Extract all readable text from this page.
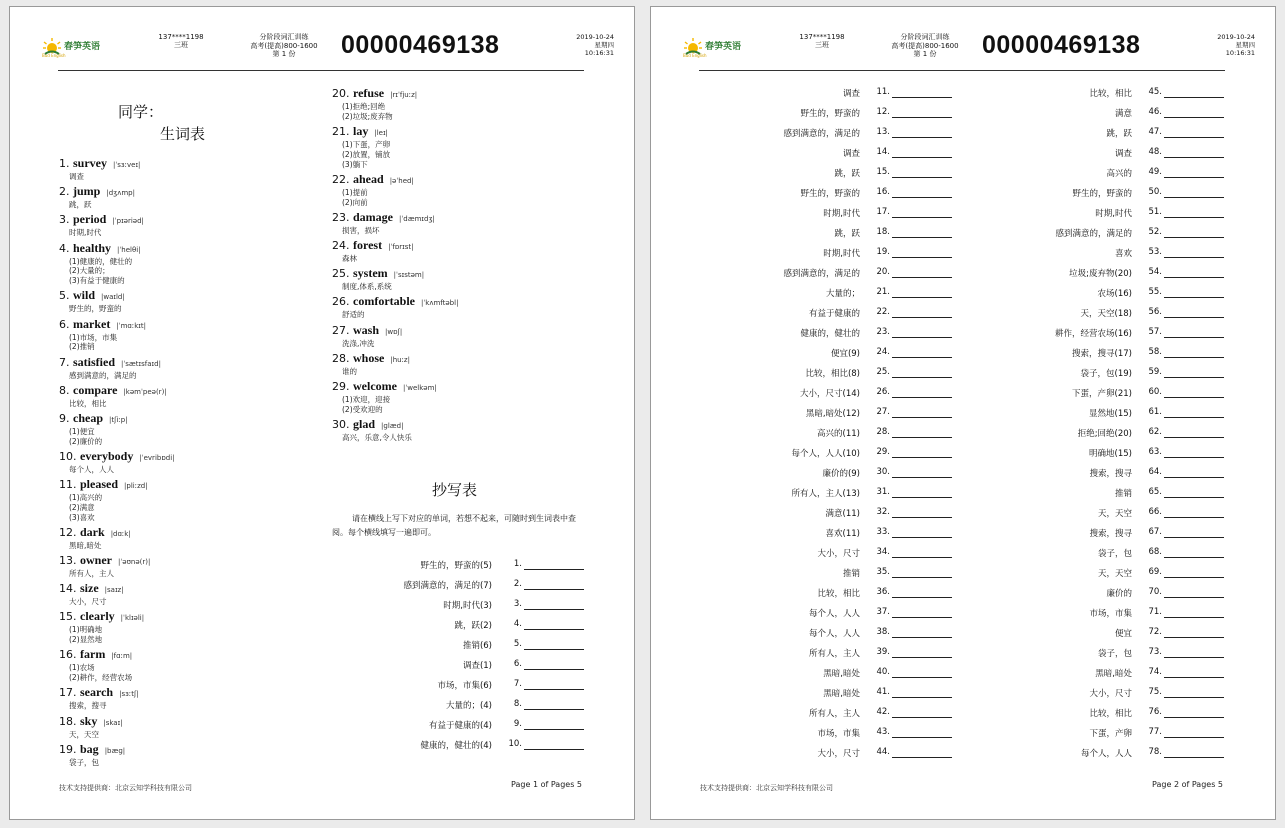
春笋英语
Bud English
137****1198
三班
分阶段词汇训练
高考(提高)800-1600
第 1 份	00000469138	2019-10-24
星期四
10:16:31
同学：
生词表
1. survey |ˈsɜːveɪ|
调查
2. jump |dʒʌmp|
跳，跃
3. period |ˈpɪəriəd|
时期,时代
4. healthy |ˈhelθi|
(1)健康的，健壮的
(2)大量的；
(3)有益于健康的
5. wild |waɪld|
野生的，野蛮的
6. market |ˈmɑːkɪt|
(1)市场，市集
(2)推销
7. satisfied |ˈsætɪsfaɪd|
感到满意的，满足的
8. compare |kəmˈpeə(r)|
比较，相比
9. cheap |tʃiːp|
(1)便宜
(2)廉价的
10. everybody |ˈevribɒdi|
每个人，人人
11. pleased |pliːzd|
(1)高兴的
(2)满意
(3)喜欢
12. dark |dɑːk|
黑暗,暗处
13. owner |ˈəʊnə(r)|
所有人，主人
14. size |saɪz|
大小，尺寸
15. clearly |ˈklɪəli|
(1)明确地
(2)显然地
16. farm |fɑːm|
(1)农场
(2)耕作，经营农场
17. search |sɜːtʃ|
搜索，搜寻
18. sky |skaɪ|
天，天空
19. bag |bæɡ|
袋子，包
20. refuse |rɪˈfjuːz|
(1)拒绝;回绝
(2)垃圾;废弃物
21. lay |leɪ|
(1)下蛋，产卵
(2)放置，铺放
(3)躺下
22. ahead |əˈhed|
(1)提前
(2)向前
23. damage |ˈdæmɪdʒ|
损害，损坏
24. forest |ˈfɒrɪst|
森林
25. system |ˈsɪstəm|
制度,体系,系统
26. comfortable |ˈkʌmftəbl|
舒适的
27. wash |wɒʃ|
洗涤,冲洗
28. whose |huːz|
谁的
29. welcome |ˈwelkəm|
(1)欢迎，迎接
(2)受欢迎的
30. glad |ɡlæd|
高兴，乐意,令人快乐
抄写表
请在横线上写下对应的单词，若想不起来，可随时到生词表中查阅。每个横线填写一遍即可。
野生的，野蛮的(5)	1.
感到满意的，满足的(7)	2.
时期,时代(3)	3.
跳，跃(2)	4.
推销(6)	5.
调查(1)	6.
市场，市集(6)	7.
大量的；(4)	8.
有益于健康的(4)	9.
健康的，健壮的(4)	10.
技术支持提供商：北京云知学科技有限公司	Page 1 of Pages 5
春笋英语
Bud English
137****1198
三班
分阶段词汇训练
高考(提高)800-1600
第 1 份	00000469138	2019-10-24
星期四
10:16:31
调查	11.
野生的，野蛮的	12.
感到满意的，满足的	13.
调查	14.
跳，跃	15.
野生的，野蛮的	16.
时期,时代	17.
跳，跃	18.
时期,时代	19.
感到满意的，满足的	20.
大量的；	21.
有益于健康的	22.
健康的，健壮的	23.
便宜(9)	24.
比较，相比(8)	25.
大小，尺寸(14)	26.
黑暗,暗处(12)	27.
高兴的(11)	28.
每个人，人人(10)	29.
廉价的(9)	30.
所有人，主人(13)	31.
满意(11)	32.
喜欢(11)	33.
大小，尺寸	34.
推销	35.
比较，相比	36.
每个人，人人	37.
每个人，人人	38.
所有人，主人	39.
黑暗,暗处	40.
黑暗,暗处	41.
所有人，主人	42.
市场，市集	43.
大小，尺寸	44.
比较，相比	45.
满意	46.
跳，跃	47.
调查	48.
高兴的	49.
野生的，野蛮的	50.
时期,时代	51.
感到满意的，满足的	52.
喜欢	53.
垃圾;废弃物(20)	54.
农场(16)	55.
天，天空(18)	56.
耕作，经营农场(16)	57.
搜索，搜寻(17)	58.
袋子，包(19)	59.
下蛋，产卵(21)	60.
显然地(15)	61.
拒绝;回绝(20)	62.
明确地(15)	63.
搜索，搜寻	64.
推销	65.
天，天空	66.
搜索，搜寻	67.
袋子，包	68.
天，天空	69.
廉价的	70.
市场，市集	71.
便宜	72.
袋子，包	73.
黑暗,暗处	74.
大小，尺寸	75.
比较，相比	76.
下蛋，产卵	77.
每个人，人人	78.
技术支持提供商：北京云知学科技有限公司	Page 2 of Pages 5
